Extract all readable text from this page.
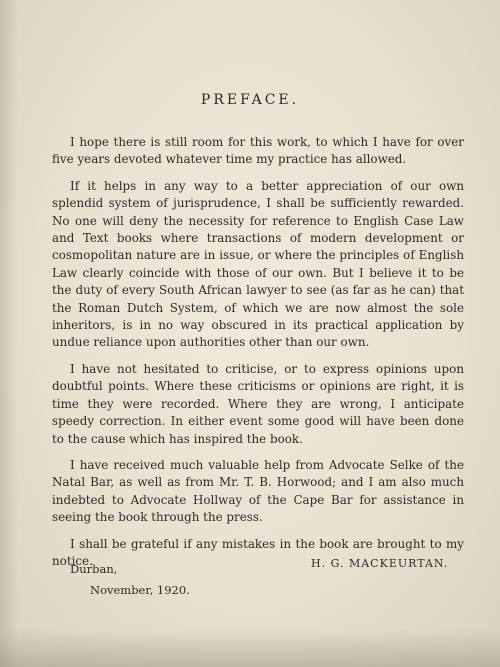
PREFACE.

I hope there is still room for this work, to which I have for over five years devoted whatever time my practice has allowed.

If it helps in any way to a better appreciation of our own splendid system of jurisprudence, I shall be sufficiently rewarded. No one will deny the necessity for reference to English Case Law and Text books where transactions of modern development or cosmopolitan nature are in issue, or where the principles of English Law clearly coincide with those of our own. But I believe it to be the duty of every South African lawyer to see (as far as he can) that the Roman Dutch System, of which we are now almost the sole inheritors, is in no way obscured in its practical application by undue reliance upon authorities other than our own.

I have not hesitated to criticise, or to express opinions upon doubtful points. Where these criticisms or opinions are right, it is time they were recorded. Where they are wrong, I anticipate speedy correction. In either event some good will have been done to the cause which has inspired the book.

I have received much valuable help from Advocate Selke of the Natal Bar, as well as from Mr. T. B. Horwood; and I am also much indebted to Advocate Hollway of the Cape Bar for assistance in seeing the book through the press.

I shall be grateful if any mistakes in the book are brought to my notice.	H. G. MACKEURTAN.
Durban,
November, 1920.
